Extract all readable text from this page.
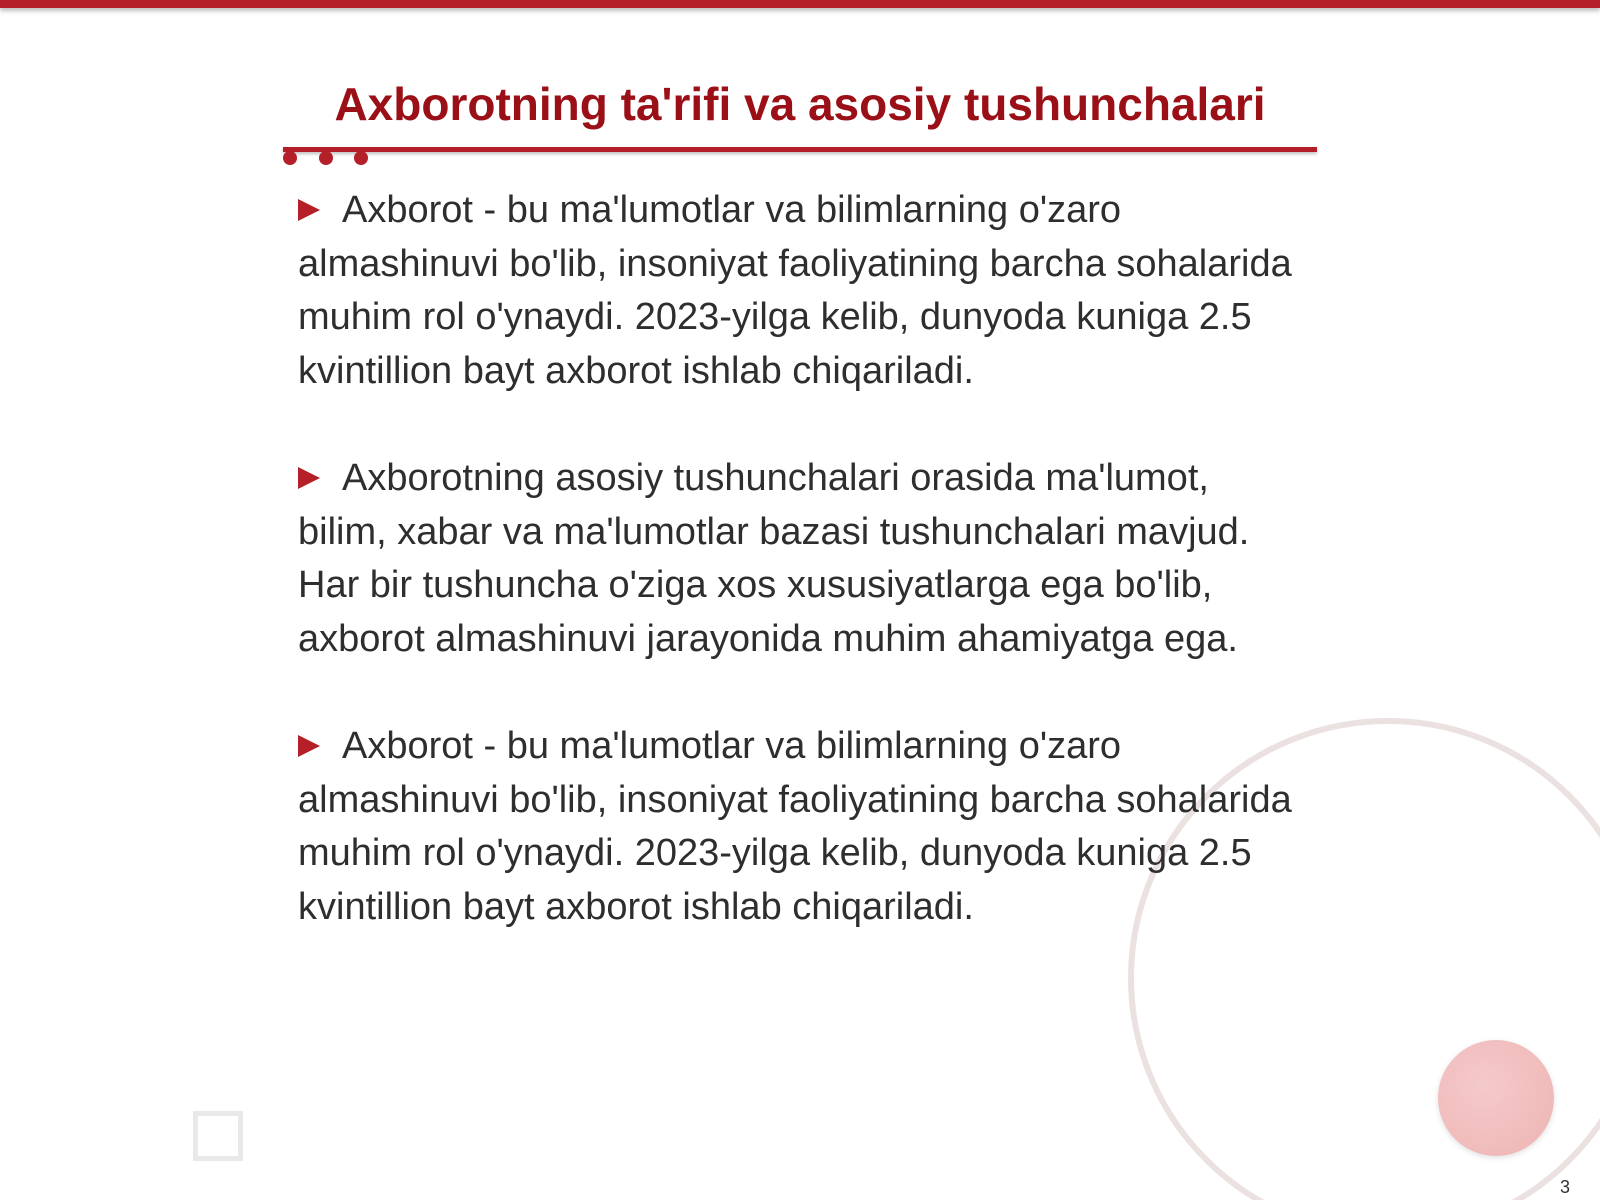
Axborotning ta'rifi va asosiy tushunchalari

Axborot - bu ma'lumotlar va bilimlarning o'zaro almashinuvi bo'lib, insoniyat faoliyatining barcha sohalarida muhim rol o'ynaydi. 2023-yilga kelib, dunyoda kuniga 2.5 kvintillion bayt axborot ishlab chiqariladi.

Axborotning asosiy tushunchalari orasida ma'lumot, bilim, xabar va ma'lumotlar bazasi tushunchalari mavjud. Har bir tushuncha o'ziga xos xususiyatlarga ega bo'lib, axborot almashinuvi jarayonida muhim ahamiyatga ega.

Axborot - bu ma'lumotlar va bilimlarning o'zaro almashinuvi bo'lib, insoniyat faoliyatining barcha sohalarida muhim rol o'ynaydi. 2023-yilga kelib, dunyoda kuniga 2.5 kvintillion bayt axborot ishlab chiqariladi.

3
